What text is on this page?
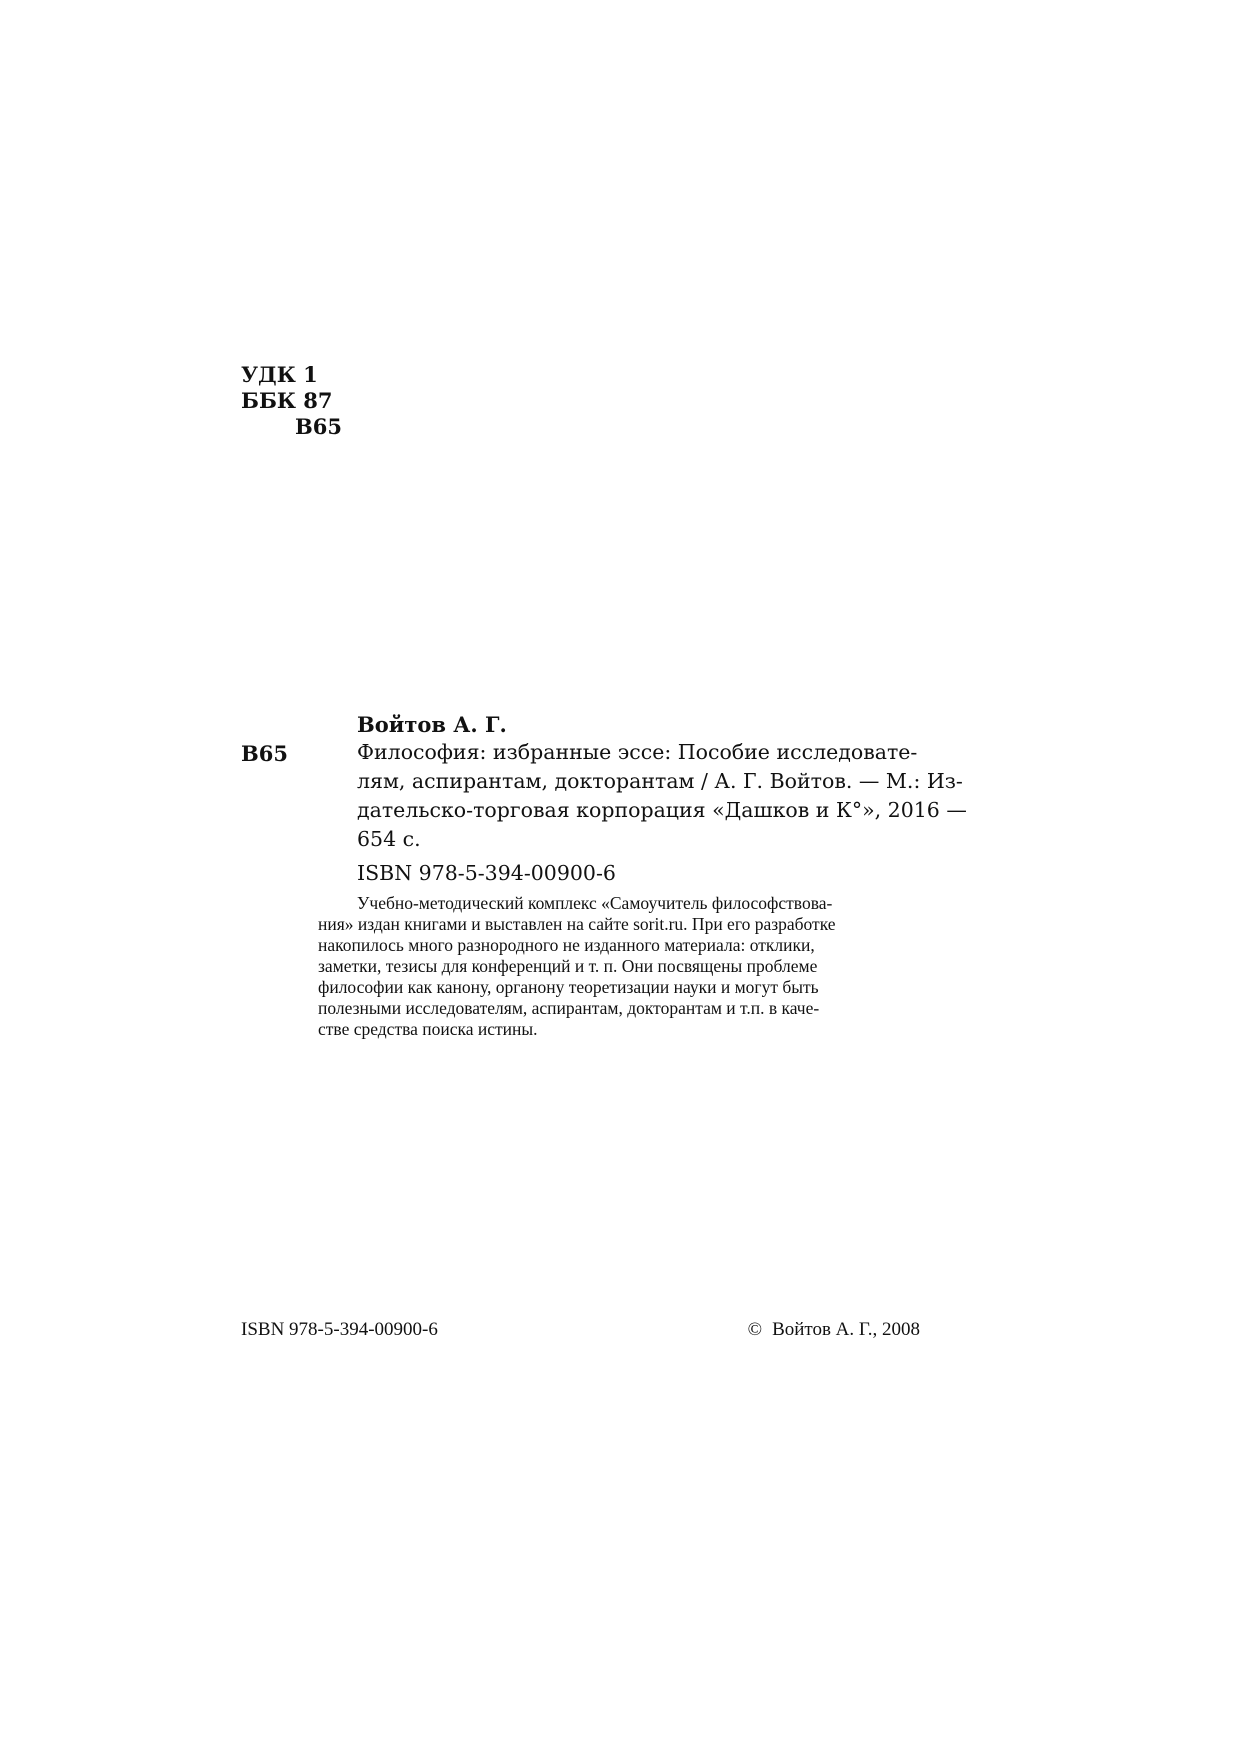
УДК 1
ББК 87
В65
Войтов А. Г.
В65	Философия: избранные эссе: Пособие исследовате-
лям, аспирантам, докторантам / А. Г. Войтов. — М.: Из-
дательско-торговая корпорация «Дашков и К°», 2016 —
654 с.
ISBN 978-5-394-00900-6
Учебно-методический комплекс «Самоучитель философствова-
ния» издан книгами и выставлен на сайте sorit.ru. При его разработке
накопилось много разнородного не изданного материала: отклики,
заметки, тезисы для конференций и т. п. Они посвящены проблеме
философии как канону, органону теоретизации науки и могут быть
полезными исследователям, аспирантам, докторантам и т.п. в каче-
стве средства поиска истины.
ISBN 978-5-394-00900-6	© Войтов А. Г., 2008
